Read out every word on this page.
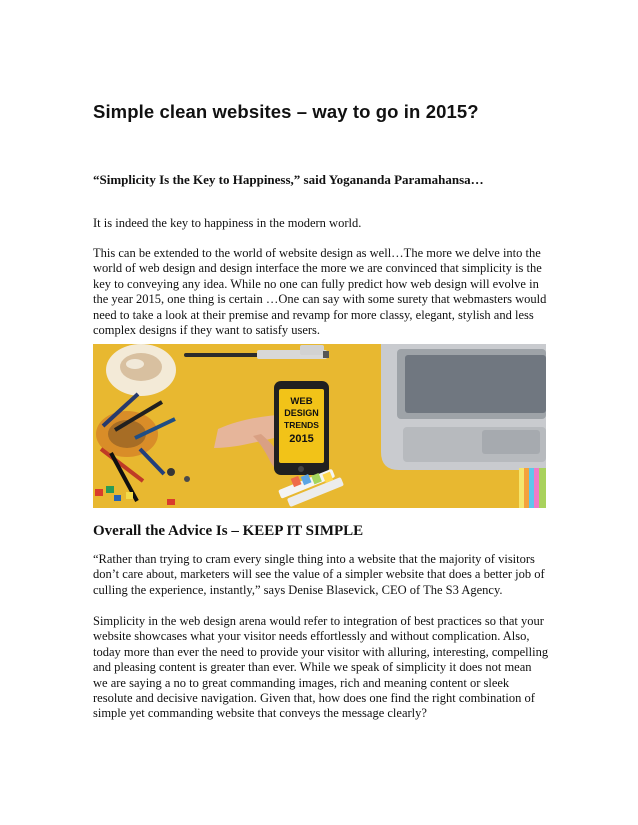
Simple clean websites – way to go in 2015?

“Simplicity Is the Key to Happiness,” said Yogananda Paramahansa…

It is indeed the key to happiness in the modern world.

This can be extended to the world of website design as well…The more we delve into the world of web design and design interface the more we are convinced that simplicity is the key to conveying any idea. While no one can fully predict how web design will evolve in the year 2015, one thing is certain …One can say with some surety that webmasters would need to take a look at their premise and revamp for more classy, elegant, stylish and less complex designs if they want to satisfy users.

WEB
DESIGN
TRENDS
2015
Overall the Advice Is – KEEP IT SIMPLE

“Rather than trying to cram every single thing into a website that the majority of visitors don’t care about, marketers will see the value of a simpler website that does a better job of culling the experience, instantly,” says Denise Blasevick, CEO of The S3 Agency.

Simplicity in the web design arena would refer to integration of best practices so that your website showcases what your visitor needs effortlessly and without complication. Also, today more than ever the need to provide your visitor with alluring, interesting, compelling and pleasing content is greater than ever. While we speak of simplicity it does not mean we are saying a no to great commanding images, rich and meaning content or sleek resolute and decisive navigation. Given that, how does one find the right combination of simple yet commanding website that conveys the message clearly?
